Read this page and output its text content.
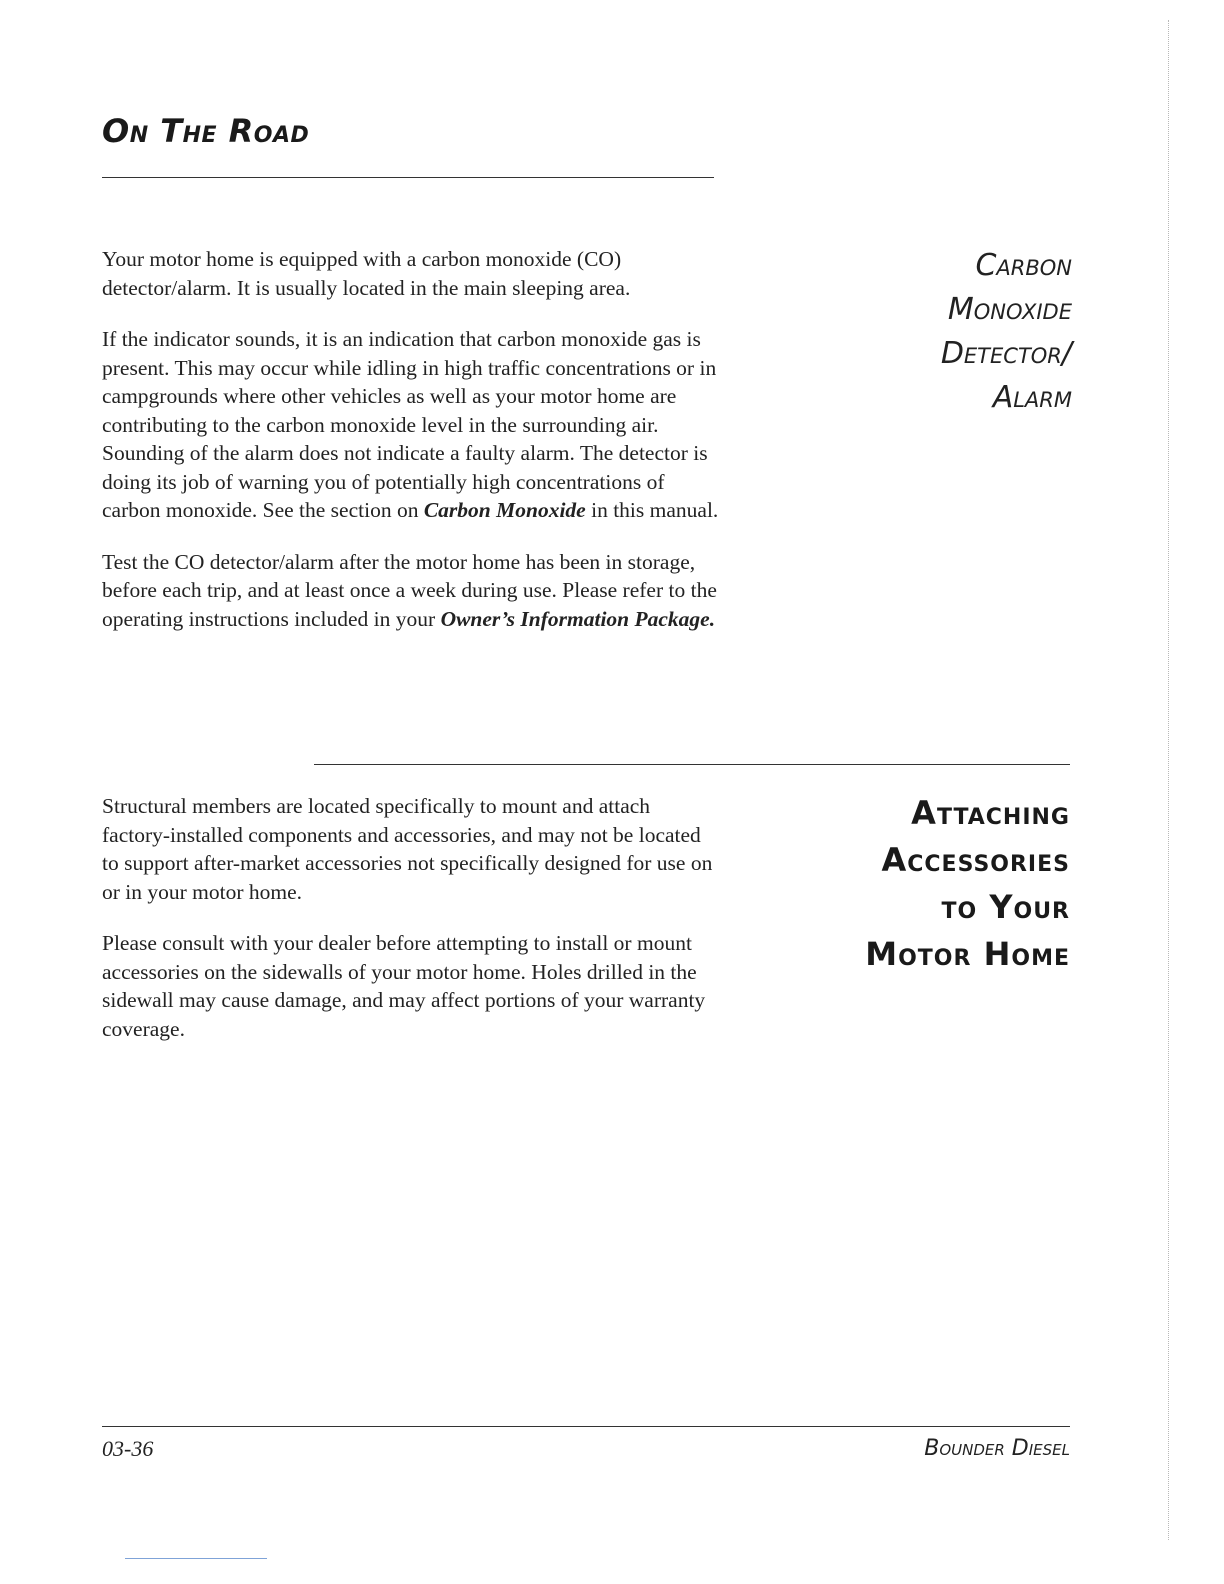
On The Road

Your motor home is equipped with a carbon monoxide (CO) detector/alarm. It is usually located in the main sleeping area.

If the indicator sounds, it is an indication that carbon monoxide gas is present. This may occur while idling in high traffic concentrations or in campgrounds where other vehicles as well as your motor home are contributing to the carbon monoxide level in the surrounding air. Sounding of the alarm does not indicate a faulty alarm. The detector is doing its job of warning you of potentially high concentrations of carbon monoxide. See the section on Carbon Monoxide in this manual.

Test the CO detector/alarm after the motor home has been in storage, before each trip, and at least once a week during use. Please refer to the operating instructions included in your Owner’s Information Package.

Carbon
Monoxide
Detector/
Alarm

Structural members are located specifically to mount and attach factory-installed components and accessories, and may not be located to support after-market accessories not specifically designed for use on or in your motor home.

Please consult with your dealer before attempting to install or mount accessories on the sidewalls of your motor home. Holes drilled in the sidewall may cause damage, and may affect portions of your warranty coverage.

Attaching
Accessories
to Your
Motor Home
03-36	Bounder Diesel
